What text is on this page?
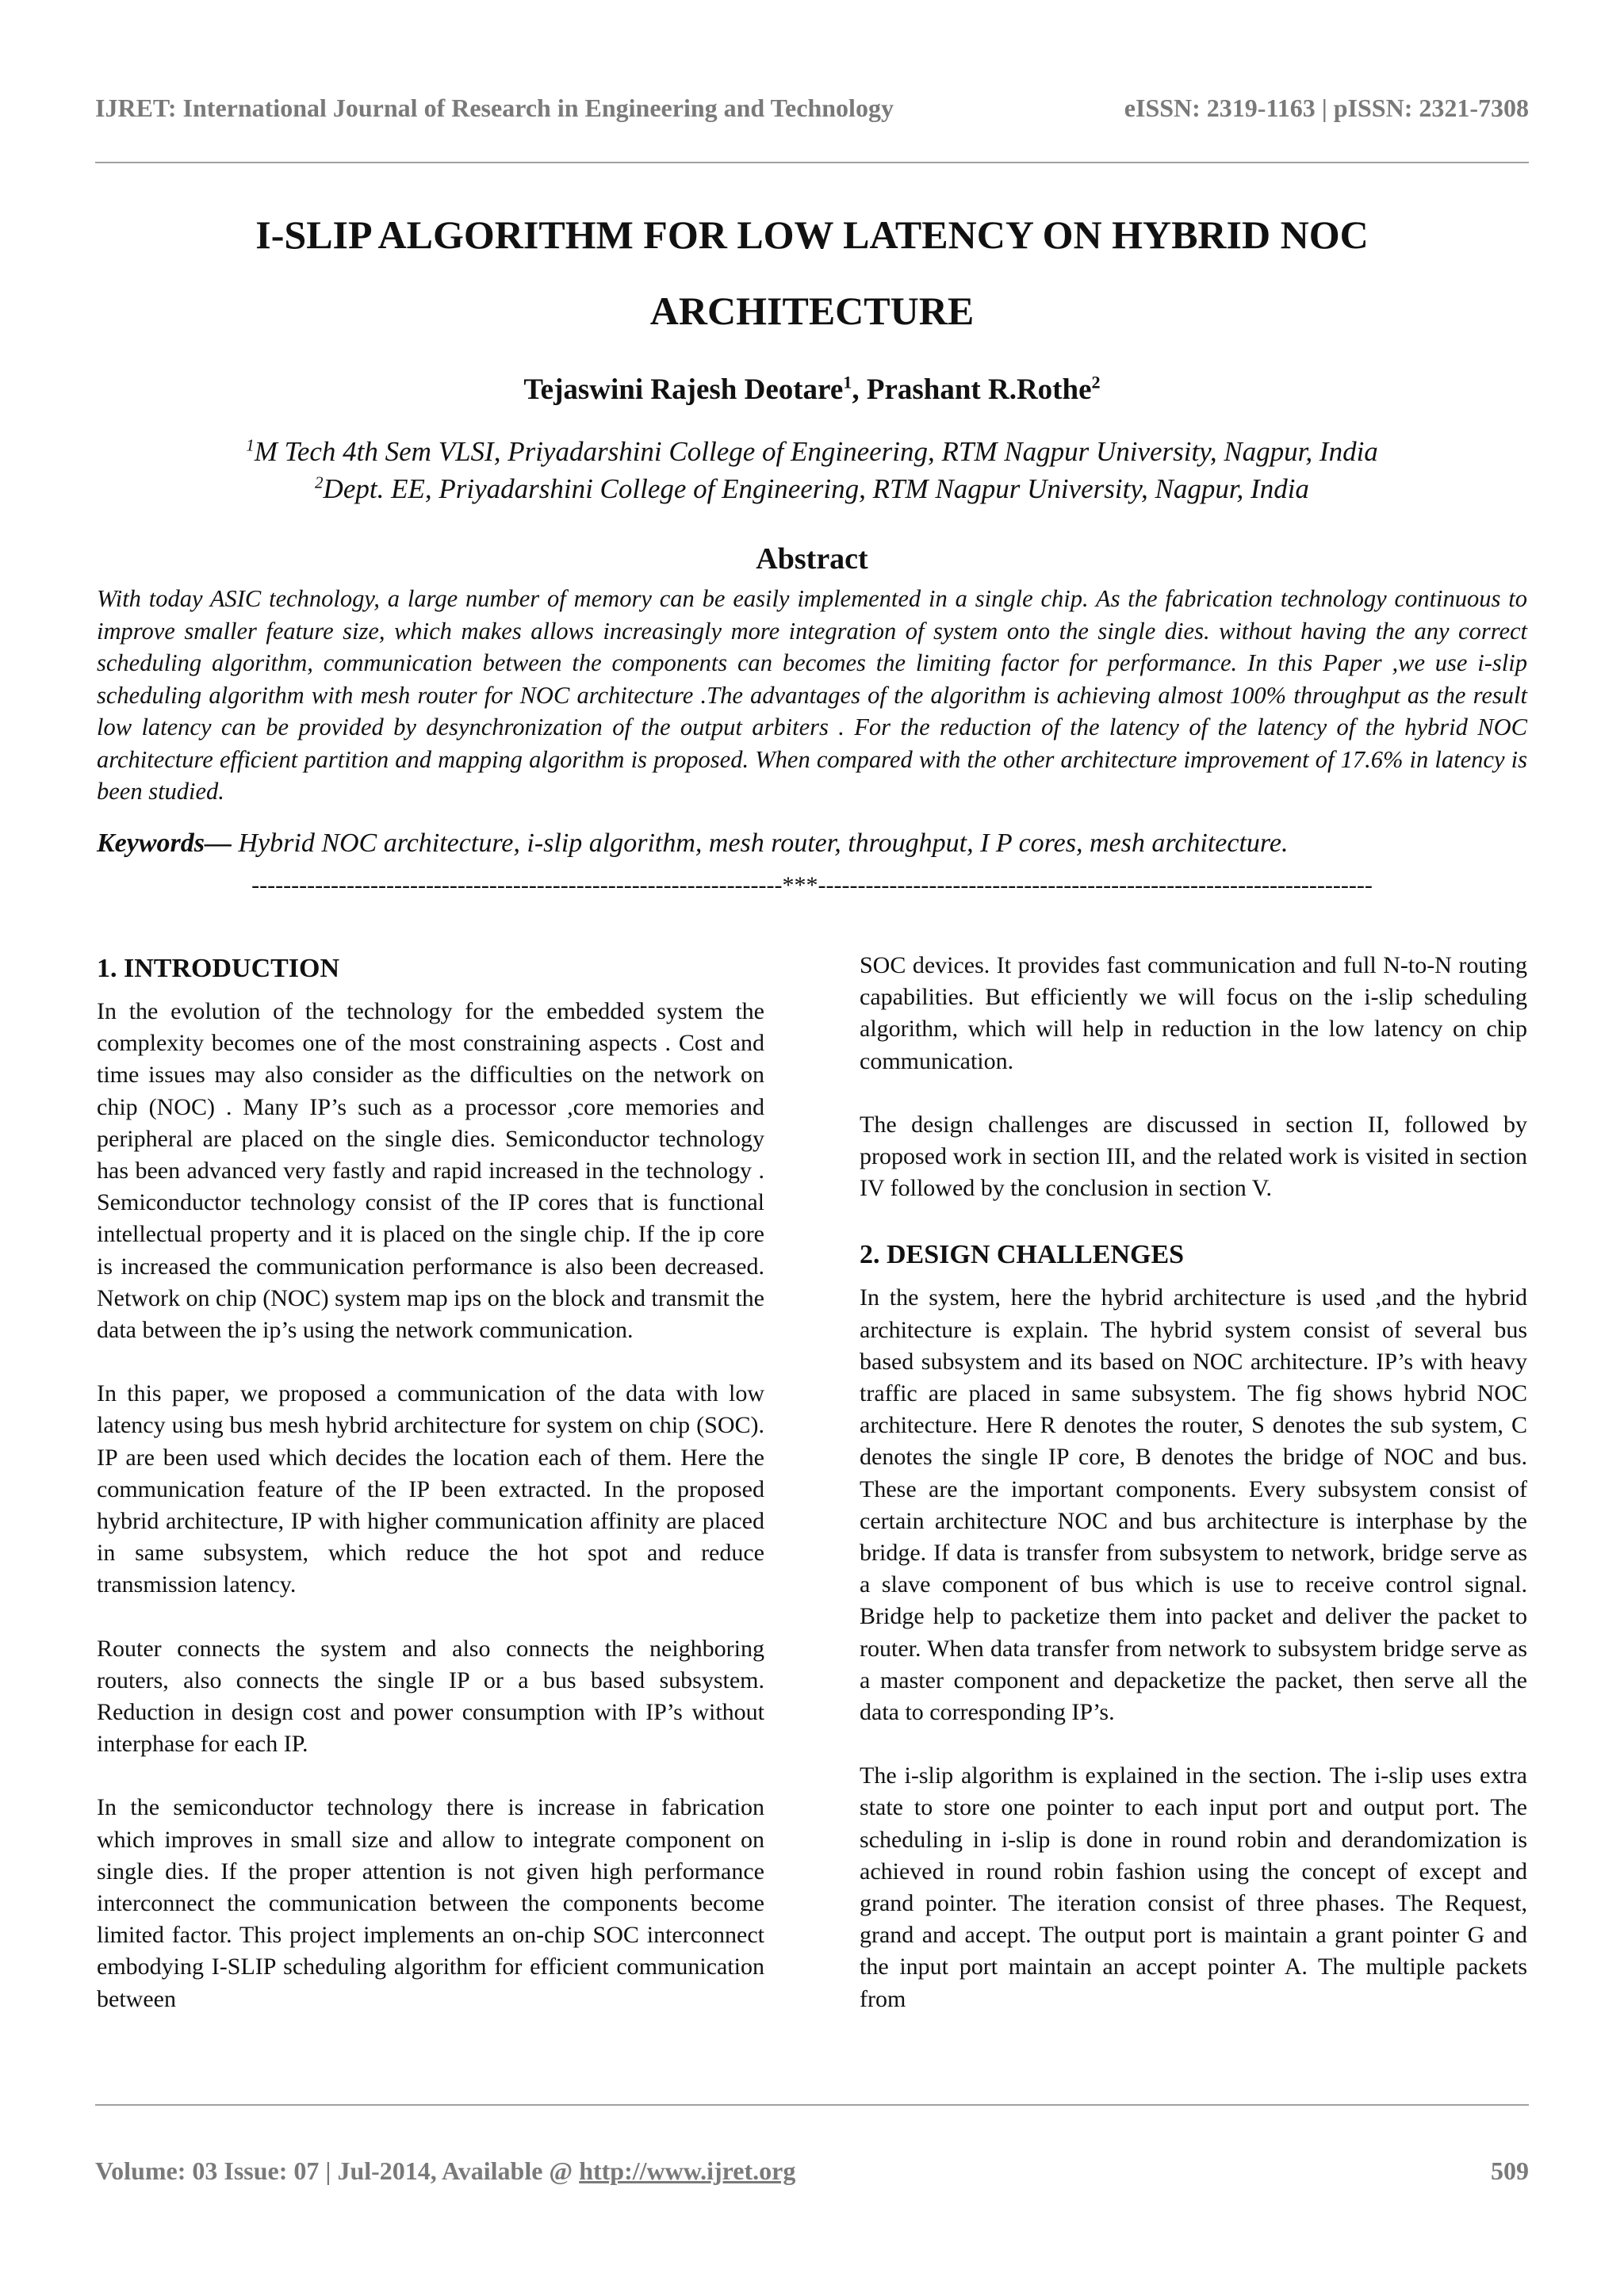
IJRET: International Journal of Research in Engineering and Technology	eISSN: 2319-1163 | pISSN: 2321-7308
I-SLIP ALGORITHM FOR LOW LATENCY ON HYBRID NOC
ARCHITECTURE
Tejaswini Rajesh Deotare$^1$, Prashant R.Rothe$^2$
$^1$M Tech 4th Sem VLSI, Priyadarshini College of Engineering, RTM Nagpur University, Nagpur, India
$^2$Dept. EE, Priyadarshini College of Engineering, RTM Nagpur University, Nagpur, India
Abstract
With today ASIC technology, a large number of memory can be easily implemented in a single chip. As the fabrication technology continuous to improve smaller feature size, which makes allows increasingly more integration of system onto the single dies. without having the any correct scheduling algorithm, communication between the components can becomes the limiting factor for performance. In this Paper ,we use i-slip scheduling algorithm with mesh router for NOC architecture .The advantages of the algorithm is achieving almost 100% throughput as the result low latency can be provided by desynchronization of the output arbiters . For the reduction of the latency of the latency of the hybrid NOC architecture efficient partition and mapping algorithm is proposed. When compared with the other architecture improvement of 17.6% in latency is been studied.
Keywords— Hybrid NOC architecture, i-slip algorithm, mesh router, throughput, I P cores, mesh architecture.
-------------------------------------------------------------------***----------------------------------------------------------------------
1. INTRODUCTION

In the evolution of the technology for the embedded system the complexity becomes one of the most constraining aspects . Cost and time issues may also consider as the difficulties on the network on chip (NOC) . Many IP’s such as a processor ,core memories and peripheral are placed on the single dies. Semiconductor technology has been advanced very fastly and rapid increased in the technology . Semiconductor technology consist of the IP cores that is functional intellectual property and it is placed on the single chip. If the ip core is increased the communication performance is also been decreased. Network on chip (NOC) system map ips on the block and transmit the data between the ip’s using the network communication.

In this paper, we proposed a communication of the data with low latency using bus mesh hybrid architecture for system on chip (SOC). IP are been used which decides the location each of them. Here the communication feature of the IP been extracted. In the proposed hybrid architecture, IP with higher communication affinity are placed in same subsystem, which reduce the hot spot and reduce transmission latency.

Router connects the system and also connects the neighboring routers, also connects the single IP or a bus based subsystem. Reduction in design cost and power consumption with IP’s without interphase for each IP.

In the semiconductor technology there is increase in fabrication which improves in small size and allow to integrate component on single dies. If the proper attention is not given high performance interconnect the communication between the components become limited factor. This project implements an on-chip SOC interconnect embodying I-SLIP scheduling algorithm for efficient communication between

SOC devices. It provides fast communication and full N-to-N routing capabilities. But efficiently we will focus on the i-slip scheduling algorithm, which will help in reduction in the low latency on chip communication.

The design challenges are discussed in section II, followed by proposed work in section III, and the related work is visited in section IV followed by the conclusion in section V.

2. DESIGN CHALLENGES

In the system, here the hybrid architecture is used ,and the hybrid architecture is explain. The hybrid system consist of several bus based subsystem and its based on NOC architecture. IP’s with heavy traffic are placed in same subsystem. The fig shows hybrid NOC architecture. Here R denotes the router, S denotes the sub system, C denotes the single IP core, B denotes the bridge of NOC and bus. These are the important components. Every subsystem consist of certain architecture NOC and bus architecture is interphase by the bridge. If data is transfer from subsystem to network, bridge serve as a slave component of bus which is use to receive control signal. Bridge help to packetize them into packet and deliver the packet to router. When data transfer from network to subsystem bridge serve as a master component and depacketize the packet, then serve all the data to corresponding IP’s.

The i-slip algorithm is explained in the section. The i-slip uses extra state to store one pointer to each input port and output port. The scheduling in i-slip is done in round robin and derandomization is achieved in round robin fashion using the concept of except and grand pointer. The iteration consist of three phases. The Request, grand and accept. The output port is maintain a grant pointer G and the input port maintain an accept pointer A. The multiple packets from

Volume: 03 Issue: 07 | Jul-2014, Available @ http://www.ijret.org	509
